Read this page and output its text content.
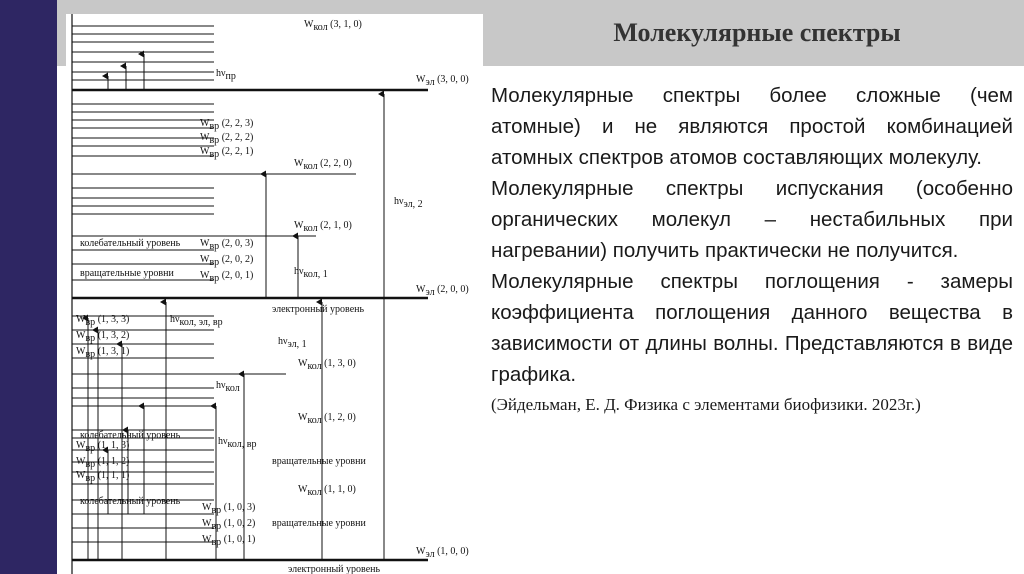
Wкол (3, 1, 0)
Wэл (3, 0, 0)
Wвр (2, 2, 3)
Wвр (2, 2, 2)
Wвр (2, 2, 1)
Wкол (2, 2, 0)
Wкол (2, 1, 0)
Wвр (2, 0, 3)
Wвр (2, 0, 2)
Wвр (2, 0, 1)
Wэл (2, 0, 0)
Wвр (1, 3, 3)
Wвр (1, 3, 2)
Wвр (1, 3, 1)
Wкол (1, 3, 0)
Wкол (1, 2, 0)
Wвр (1, 1, 3)
Wвр (1, 1, 2)
Wвр (1, 1, 1)
Wкол (1, 1, 0)
Wвр (1, 0, 3)
Wвр (1, 0, 2)
Wвр (1, 0, 1)
Wэл (1, 0, 0)
hνпр
hνэл, 2
hνкол, 1
hνкол, эл, вр
hνэл, 1
hνкол
hνкол, вр
колебательный уровень
вращательные уровни
электронный уровень
колебательный уровень
вращательные уровни
колебательный уровень
вращательные уровни
электронный уровень
Молекулярные спектры

Молекулярные спектры более сложные (чем атомные) и не являются простой комбинацией атомных спектров атомов составляющих молекулу.

Молекулярные спектры испускания (особенно органических молекул – нестабильных при нагревании) получить практически не получится.

Молекулярные спектры поглощения - замеры коэффициента поглощения данного вещества в зависимости от длины волны. Представляются в виде графика.

(Эйдельман, Е. Д. Физика с элементами биофизики. 2023г.)
